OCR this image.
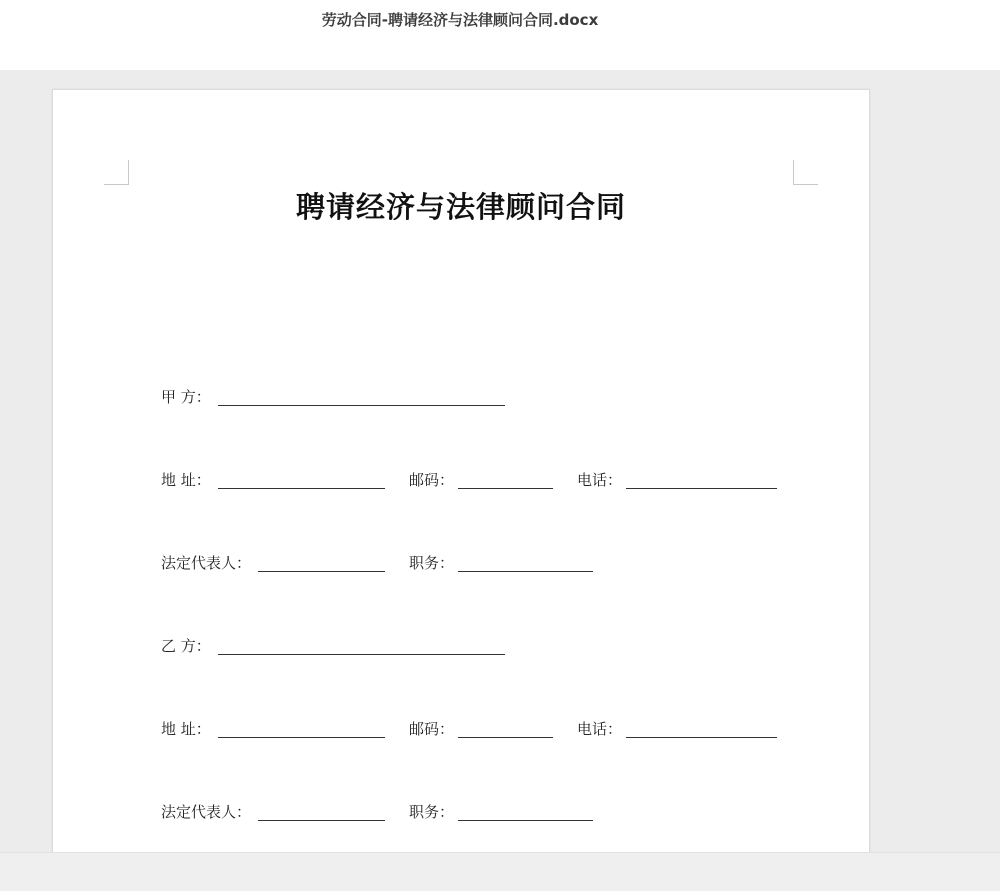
劳动合同-聘请经济与法律顾问合同.docx
聘请经济与法律顾问合同
甲 方：
地 址：	邮码：	电话：
法定代表人：	职务：
乙 方：
地 址：	邮码：	电话：
法定代表人：	职务：
